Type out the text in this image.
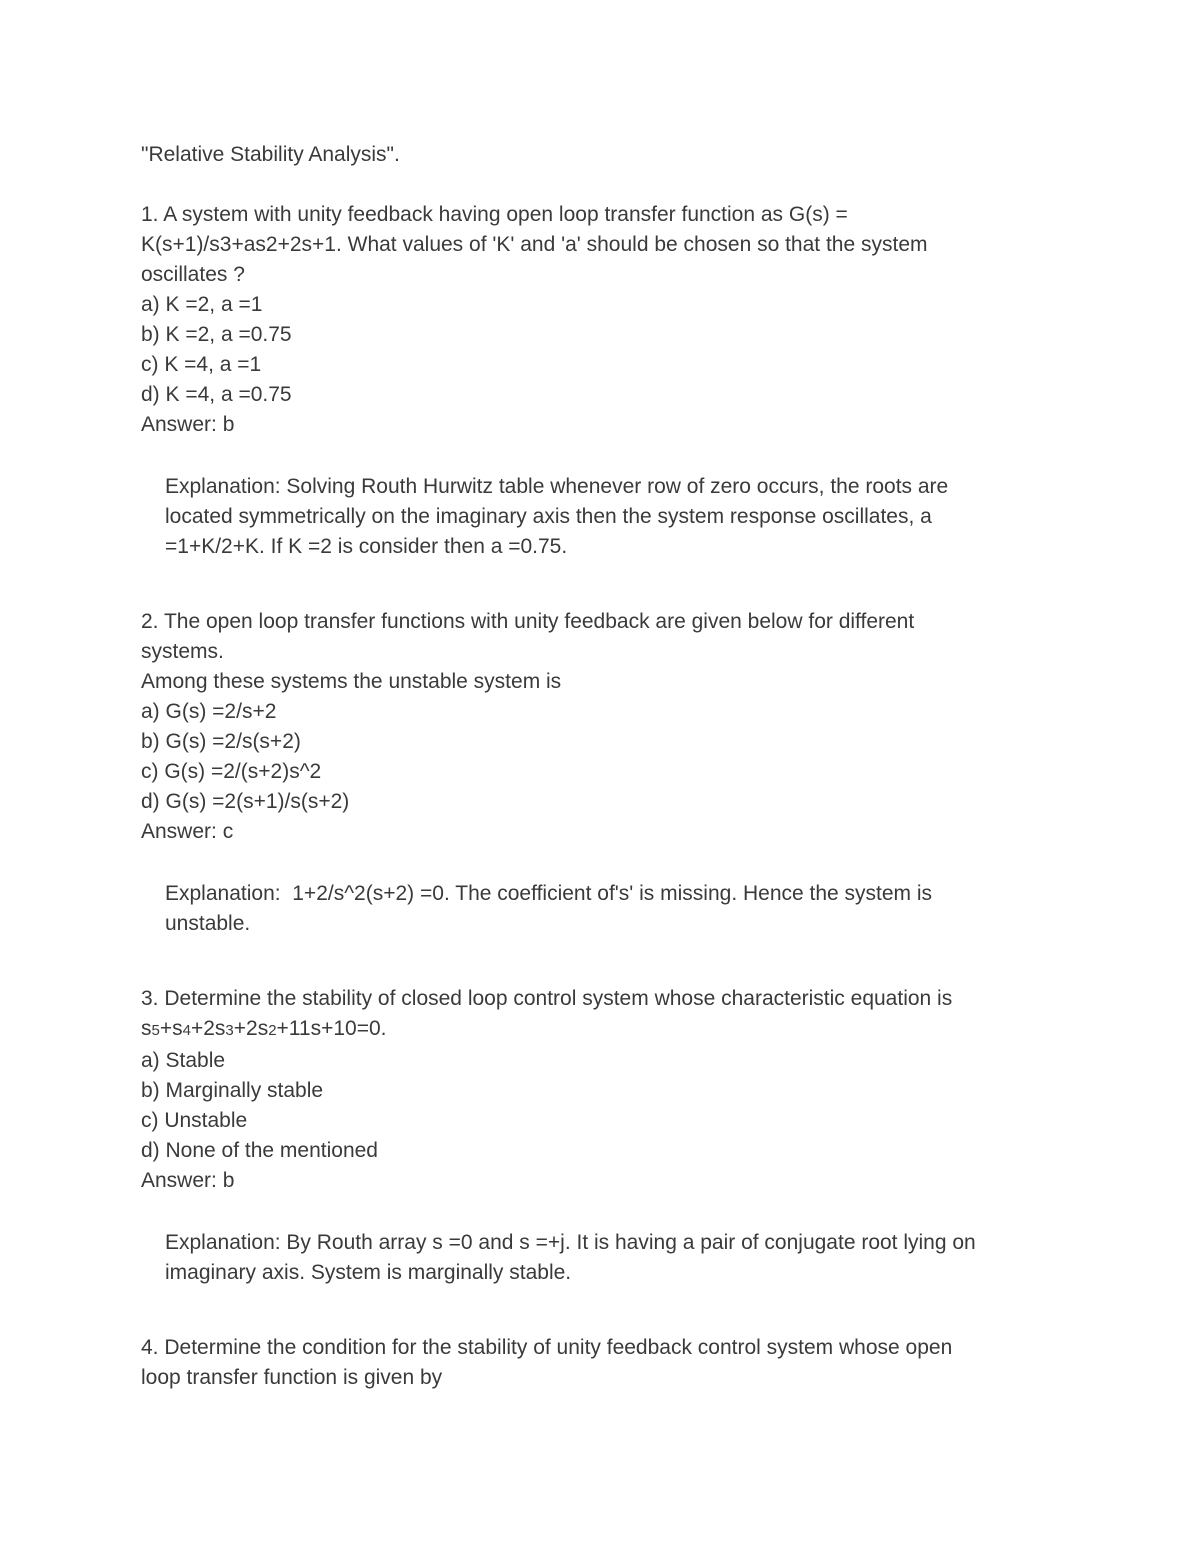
"Relative Stability Analysis".
1. A system with unity feedback having open loop transfer function as G(s) =
K(s+1)/s3+as2+2s+1. What values of 'K' and 'a' should be chosen so that the system
oscillates ?
a) K =2, a =1
b) K =2, a =0.75
c) K =4, a =1
d) K =4, a =0.75
Answer: b
Explanation: Solving Routh Hurwitz table whenever row of zero occurs, the roots are
located symmetrically on the imaginary axis then the system response oscillates, a
=1+K/2+K. If K =2 is consider then a =0.75.
2. The open loop transfer functions with unity feedback are given below for different
systems.
Among these systems the unstable system is
a) G(s) =2/s+2
b) G(s) =2/s(s+2)
c) G(s) =2/(s+2)s^2
d) G(s) =2(s+1)/s(s+2)
Answer: c
Explanation:  1+2/s^2(s+2) =0. The coefficient of's' is missing. Hence the system is
unstable.
3. Determine the stability of closed loop control system whose characteristic equation is
s5+s4+2s3+2s2+11s+10=0.
a) Stable
b) Marginally stable
c) Unstable
d) None of the mentioned
Answer: b
Explanation: By Routh array s =0 and s =+j. It is having a pair of conjugate root lying on
imaginary axis. System is marginally stable.
4. Determine the condition for the stability of unity feedback control system whose open
loop transfer function is given by
